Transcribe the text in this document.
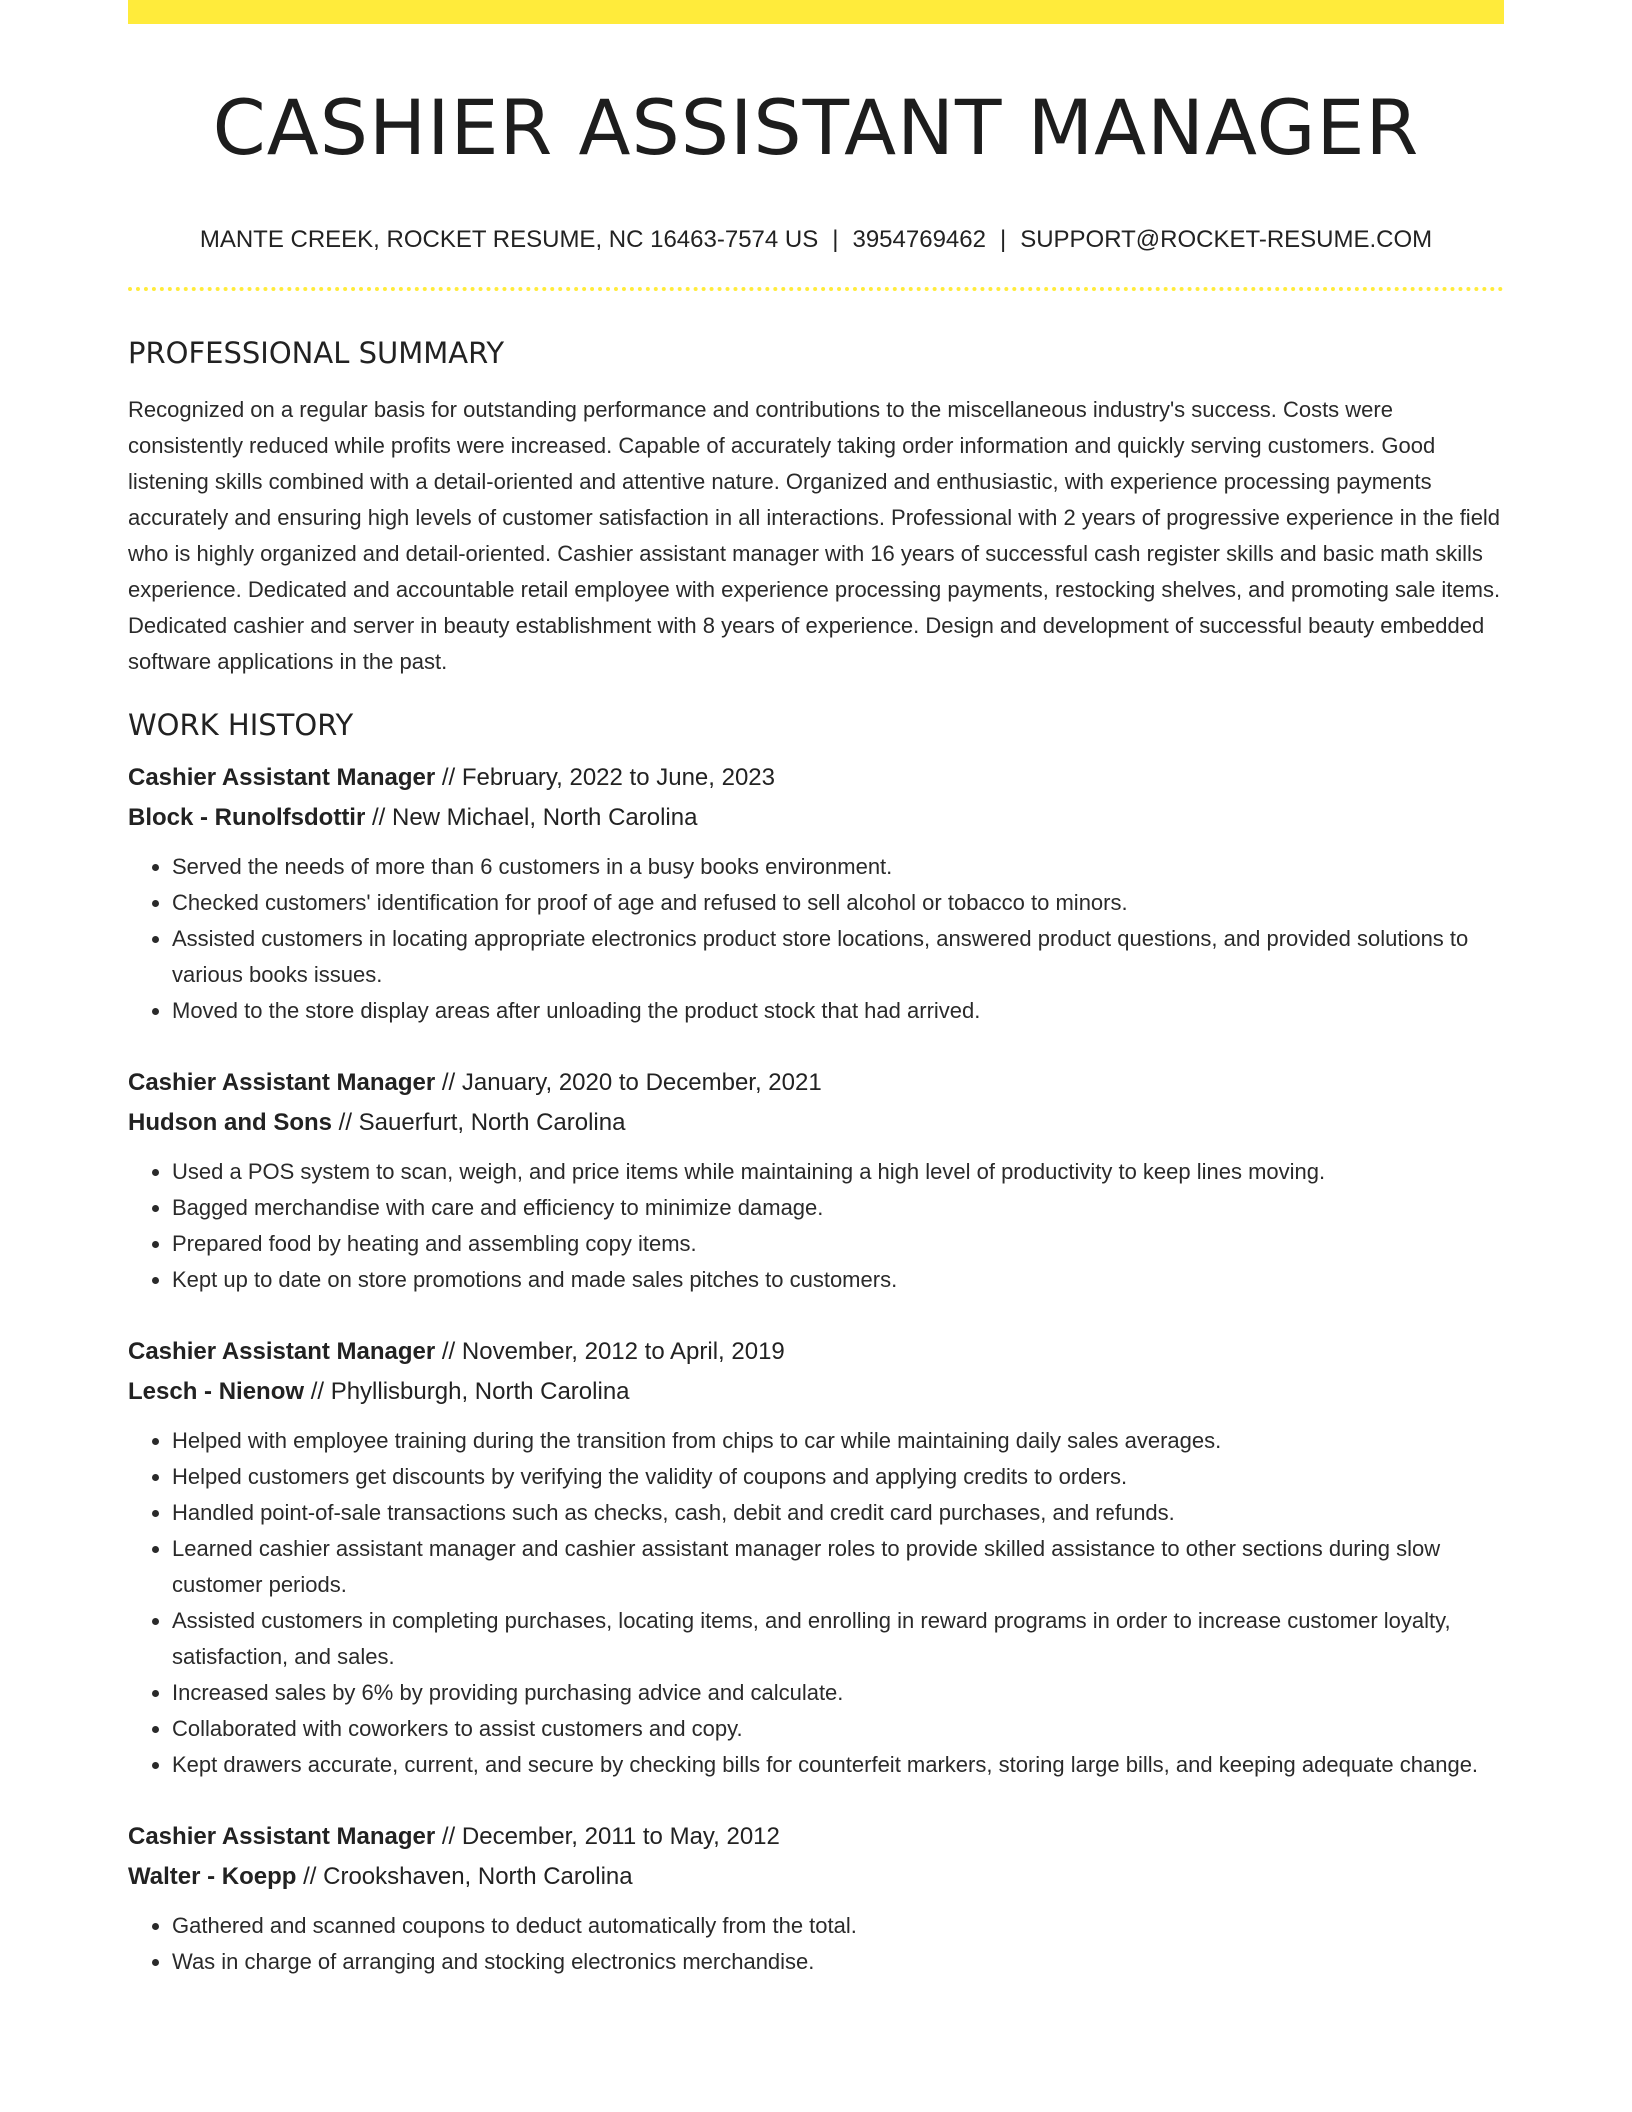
CASHIER ASSISTANT MANAGER
MANTE CREEK, ROCKET RESUME, NC 16463-7574 US | 3954769462 | SUPPORT@ROCKET-RESUME.COM
PROFESSIONAL SUMMARY
Recognized on a regular basis for outstanding performance and contributions to the miscellaneous industry's success. Costs were consistently reduced while profits were increased. Capable of accurately taking order information and quickly serving customers. Good listening skills combined with a detail-oriented and attentive nature. Organized and enthusiastic, with experience processing payments accurately and ensuring high levels of customer satisfaction in all interactions. Professional with 2 years of progressive experience in the field who is highly organized and detail-oriented. Cashier assistant manager with 16 years of successful cash register skills and basic math skills experience. Dedicated and accountable retail employee with experience processing payments, restocking shelves, and promoting sale items. Dedicated cashier and server in beauty establishment with 8 years of experience. Design and development of successful beauty embedded software applications in the past.
WORK HISTORY
Cashier Assistant Manager // February, 2022 to June, 2023
Block - Runolfsdottir // New Michael, North Carolina
• Served the needs of more than 6 customers in a busy books environment.
• Checked customers' identification for proof of age and refused to sell alcohol or tobacco to minors.
• Assisted customers in locating appropriate electronics product store locations, answered product questions, and provided solutions to various books issues.
• Moved to the store display areas after unloading the product stock that had arrived.
Cashier Assistant Manager // January, 2020 to December, 2021
Hudson and Sons // Sauerfurt, North Carolina
• Used a POS system to scan, weigh, and price items while maintaining a high level of productivity to keep lines moving.
• Bagged merchandise with care and efficiency to minimize damage.
• Prepared food by heating and assembling copy items.
• Kept up to date on store promotions and made sales pitches to customers.
Cashier Assistant Manager // November, 2012 to April, 2019
Lesch - Nienow // Phyllisburgh, North Carolina
• Helped with employee training during the transition from chips to car while maintaining daily sales averages.
• Helped customers get discounts by verifying the validity of coupons and applying credits to orders.
• Handled point-of-sale transactions such as checks, cash, debit and credit card purchases, and refunds.
• Learned cashier assistant manager and cashier assistant manager roles to provide skilled assistance to other sections during slow customer periods.
• Assisted customers in completing purchases, locating items, and enrolling in reward programs in order to increase customer loyalty, satisfaction, and sales.
• Increased sales by 6% by providing purchasing advice and calculate.
• Collaborated with coworkers to assist customers and copy.
• Kept drawers accurate, current, and secure by checking bills for counterfeit markers, storing large bills, and keeping adequate change.
Cashier Assistant Manager // December, 2011 to May, 2012
Walter - Koepp // Crookshaven, North Carolina
• Gathered and scanned coupons to deduct automatically from the total.
• Was in charge of arranging and stocking electronics merchandise.
